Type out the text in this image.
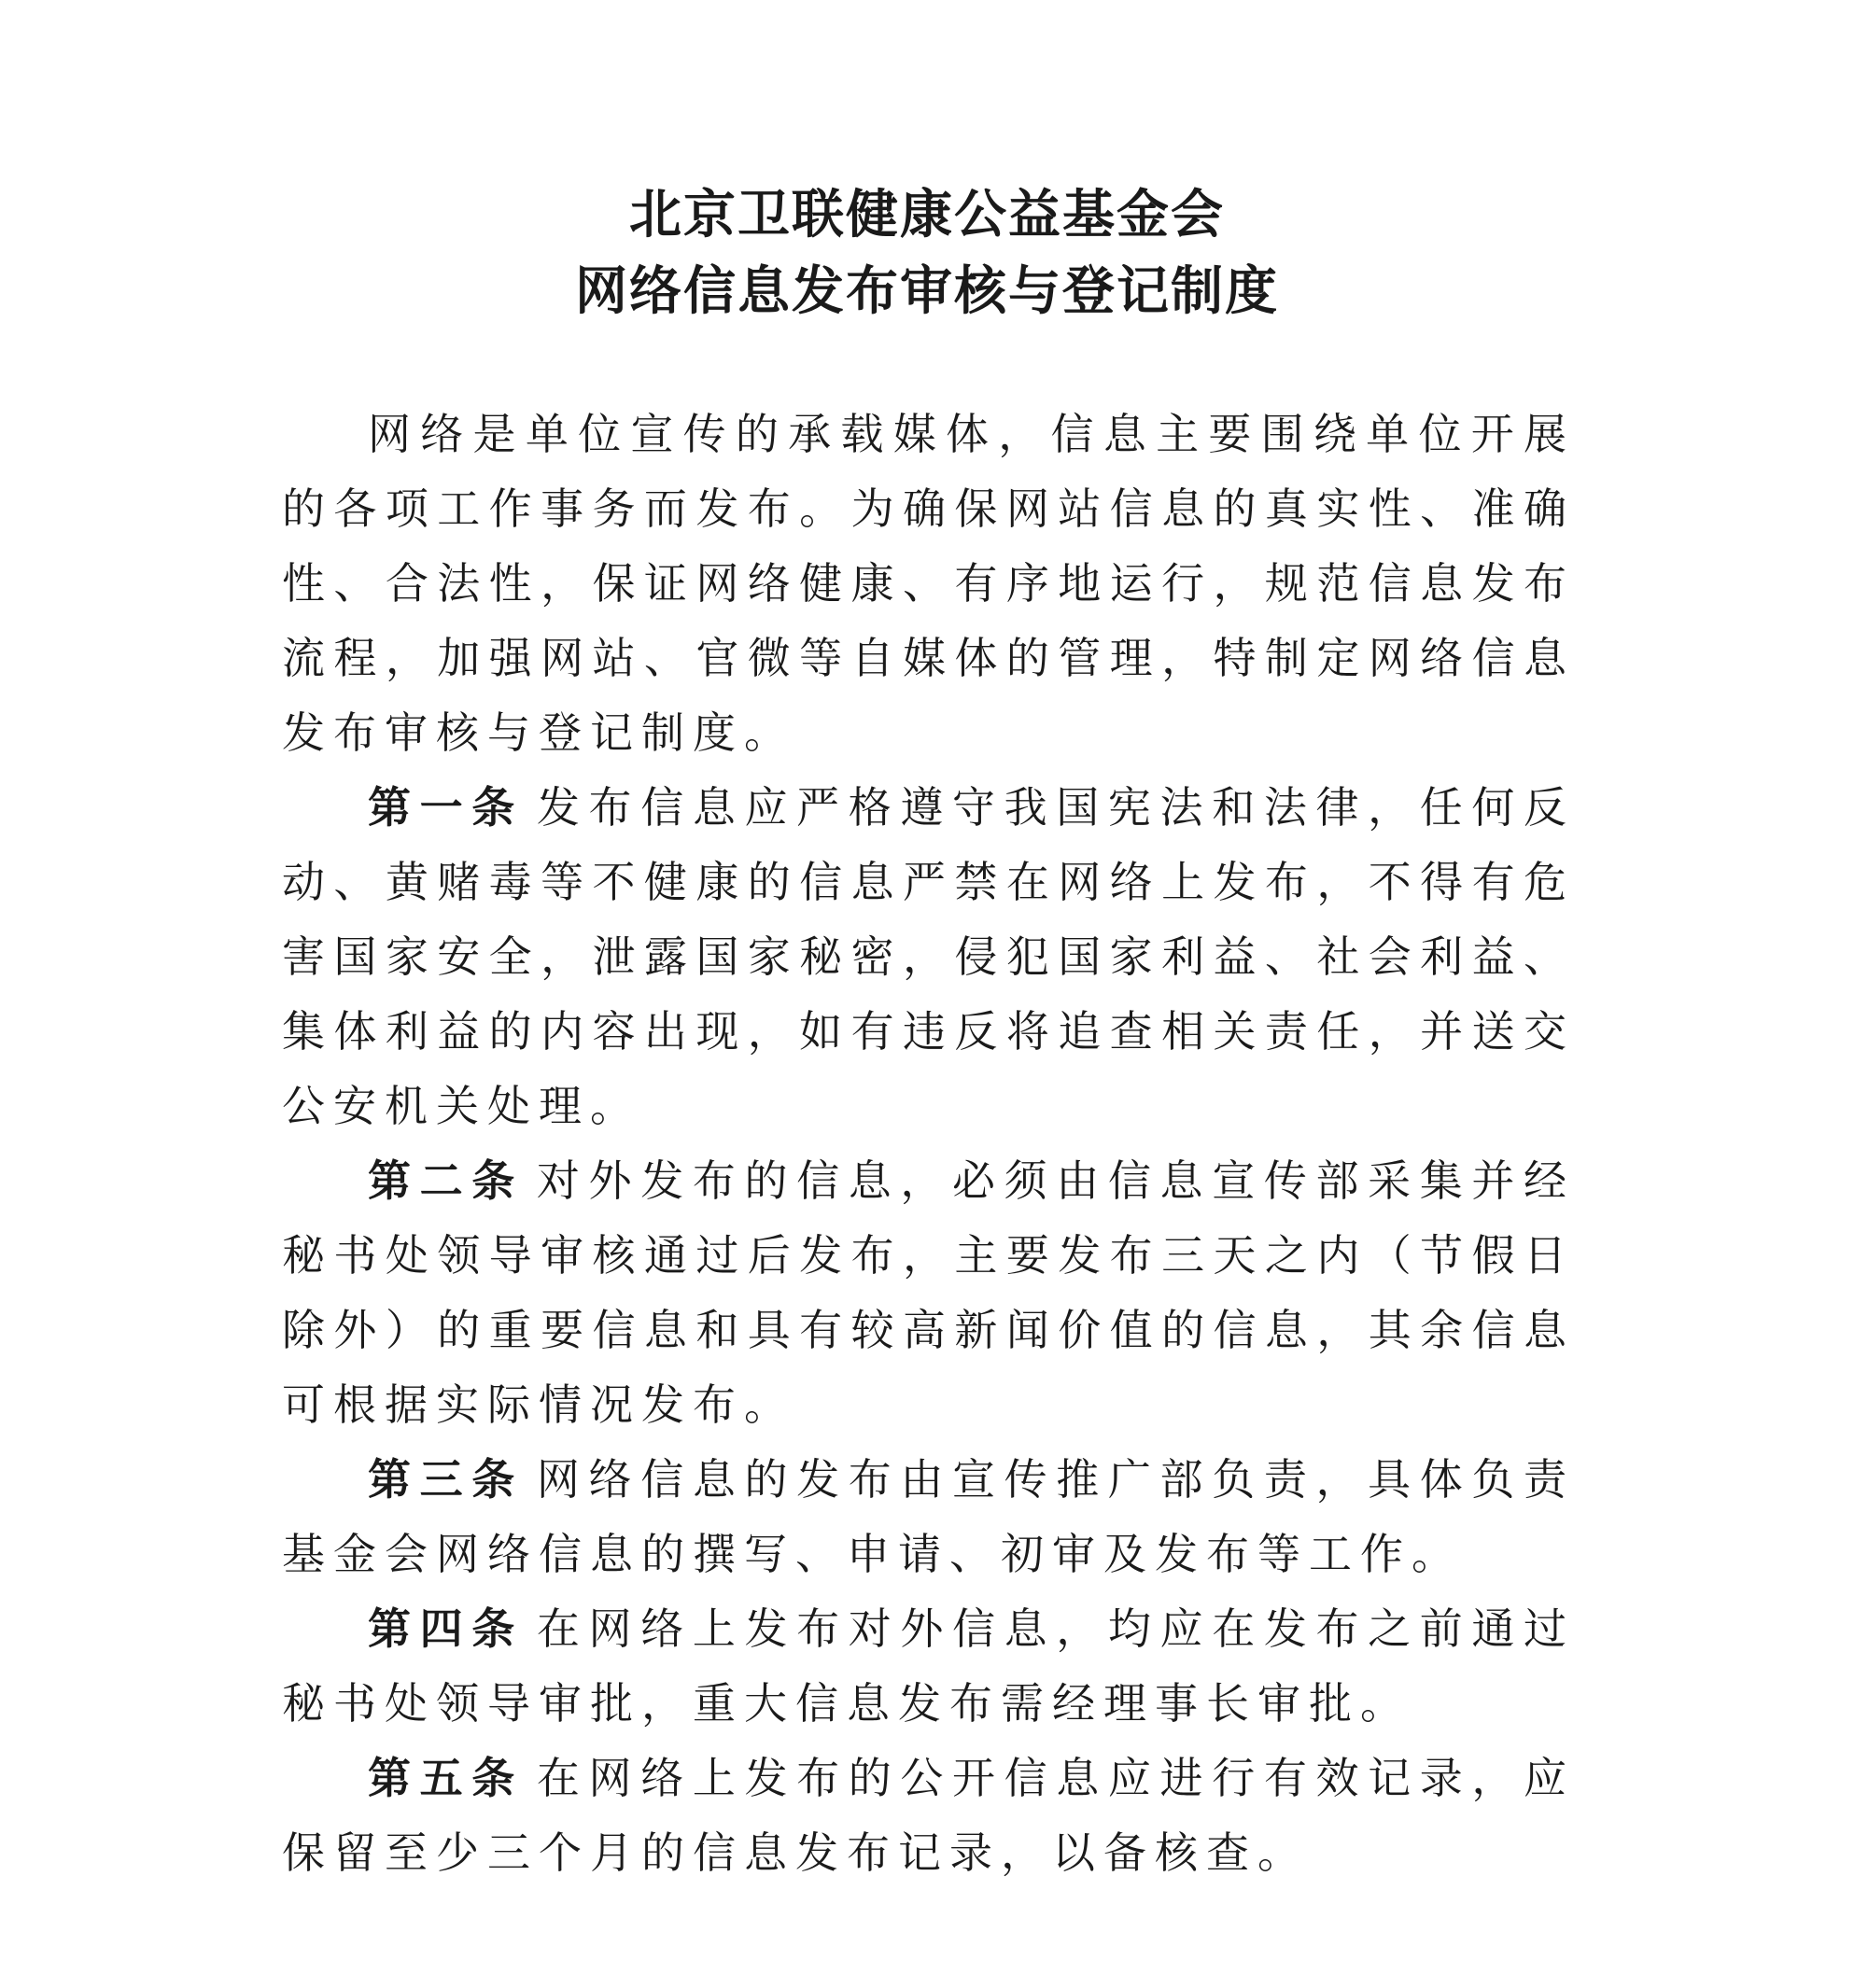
北京卫联健康公益基金会
网络信息发布审核与登记制度

网络是单位宣传的承载媒体，信息主要围绕单位开展的各项工作事务而发布。为确保网站信息的真实性、准确性、合法性，保证网络健康、有序地运行，规范信息发布流程，加强网站、官微等自媒体的管理，特制定网络信息发布审核与登记制度。

第一条 发布信息应严格遵守我国宪法和法律，任何反动、黄赌毒等不健康的信息严禁在网络上发布，不得有危害国家安全，泄露国家秘密，侵犯国家利益、社会利益、集体利益的内容出现，如有违反将追查相关责任，并送交公安机关处理。

第二条 对外发布的信息，必须由信息宣传部采集并经秘书处领导审核通过后发布，主要发布三天之内（节假日除外）的重要信息和具有较高新闻价值的信息，其余信息可根据实际情况发布。

第三条 网络信息的发布由宣传推广部负责，具体负责基金会网络信息的撰写、申请、初审及发布等工作。

第四条 在网络上发布对外信息，均应在发布之前通过秘书处领导审批，重大信息发布需经理事长审批。

第五条 在网络上发布的公开信息应进行有效记录，应保留至少三个月的信息发布记录，以备核查。
